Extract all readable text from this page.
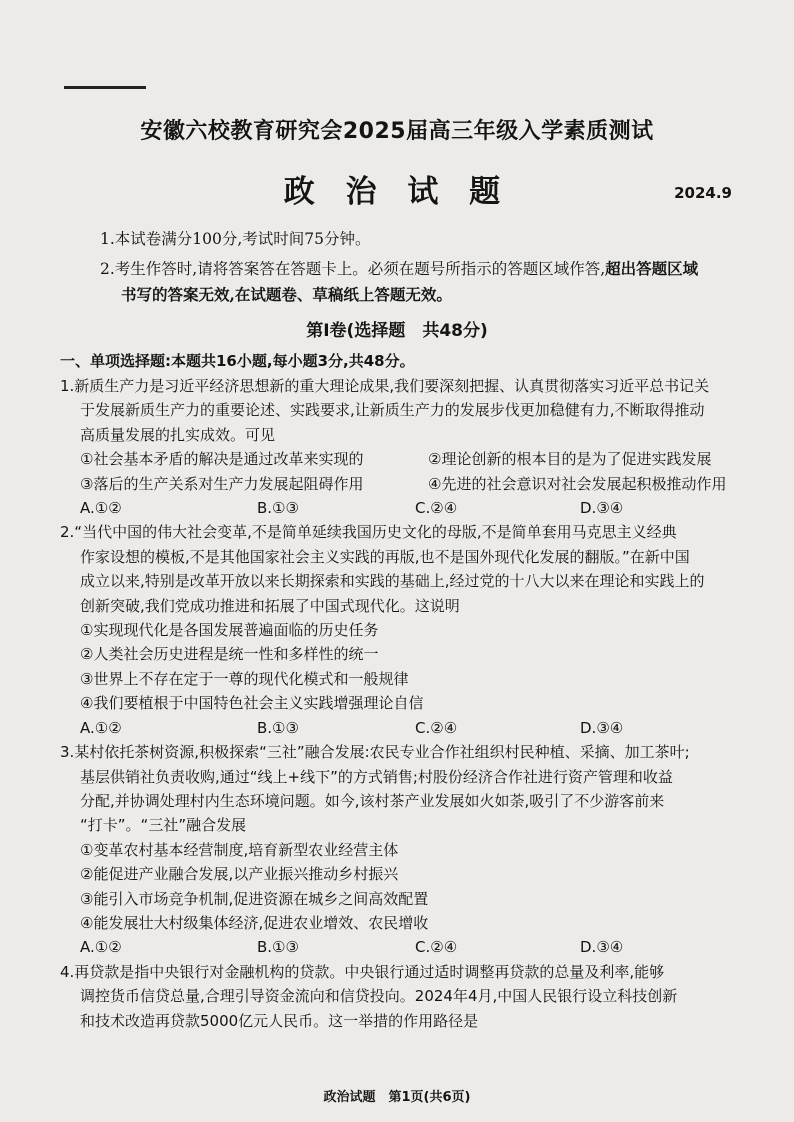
安徽六校教育研究会2025届高三年级入学素质测试
政 治 试 题	2024.9
1.本试卷满分100分,考试时间75分钟。
2.考生作答时,请将答案答在答题卡上。必须在题号所指示的答题区域作答,超出答题区域
书写的答案无效,在试题卷、草稿纸上答题无效。
第Ⅰ卷(选择题　共48分)
一、单项选择题:本题共16小题,每小题3分,共48分。
1.新质生产力是习近平经济思想新的重大理论成果,我们要深刻把握、认真贯彻落实习近平总书记关
于发展新质生产力的重要论述、实践要求,让新质生产力的发展步伐更加稳健有力,不断取得推动
高质量发展的扎实成效。可见
①社会基本矛盾的解决是通过改革来实现的	②理论创新的根本目的是为了促进实践发展
③落后的生产关系对生产力发展起阻碍作用	④先进的社会意识对社会发展起积极推动作用
A.①②	B.①③	C.②④	D.③④
2.“当代中国的伟大社会变革,不是简单延续我国历史文化的母版,不是简单套用马克思主义经典
作家设想的模板,不是其他国家社会主义实践的再版,也不是国外现代化发展的翻版。”在新中国
成立以来,特别是改革开放以来长期探索和实践的基础上,经过党的十八大以来在理论和实践上的
创新突破,我们党成功推进和拓展了中国式现代化。这说明
①实现现代化是各国发展普遍面临的历史任务
②人类社会历史进程是统一性和多样性的统一
③世界上不存在定于一尊的现代化模式和一般规律
④我们要植根于中国特色社会主义实践增强理论自信
A.①②	B.①③	C.②④	D.③④
3.某村依托茶树资源,积极探索“三社”融合发展:农民专业合作社组织村民种植、采摘、加工茶叶;
基层供销社负责收购,通过“线上+线下”的方式销售;村股份经济合作社进行资产管理和收益
分配,并协调处理村内生态环境问题。如今,该村茶产业发展如火如荼,吸引了不少游客前来
“打卡”。“三社”融合发展
①变革农村基本经营制度,培育新型农业经营主体
②能促进产业融合发展,以产业振兴推动乡村振兴
③能引入市场竞争机制,促进资源在城乡之间高效配置
④能发展壮大村级集体经济,促进农业增效、农民增收
A.①②	B.①③	C.②④	D.③④
4.再贷款是指中央银行对金融机构的贷款。中央银行通过适时调整再贷款的总量及利率,能够
调控货币信贷总量,合理引导资金流向和信贷投向。2024年4月,中国人民银行设立科技创新
和技术改造再贷款5000亿元人民币。这一举措的作用路径是
政治试题　第1页(共6页)
